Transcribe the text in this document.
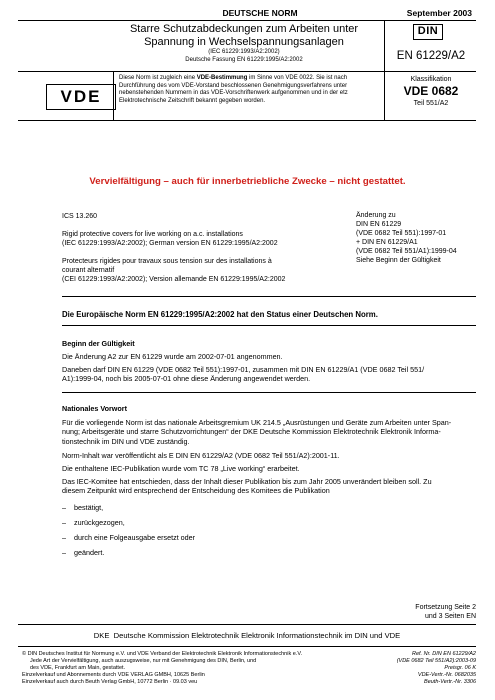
DEUTSCHE NORM	September 2003
Starre Schutzabdeckungen zum Arbeiten unter
Spannung in Wechselspannungsanlagen
(IEC 61229:1993/A2:2002)
Deutsche Fassung EN 61229:1995/A2:2002
DIN
EN 61229/A2
VDE
Diese Norm ist zugleich eine VDE-Bestimmung im Sinne von VDE 0022. Sie ist nach Durchführung des vom VDE-Vorstand beschlossenen Genehmigungsverfahrens unter nebenstehenden Nummern in das VDE-Vorschriftenwerk aufgenommen und in der etz Elektrotechnische Zeitschrift bekannt gegeben worden.
Klassifikation
VDE 0682
Teil 551/A2
Vervielfältigung – auch für innerbetriebliche Zwecke – nicht gestattet.
ICS 13.260
Rigid protective covers for live working on a.c. installations
(IEC 61229:1993/A2:2002); German version EN 61229:1995/A2:2002
Protecteurs rigides pour travaux sous tension sur des installations à
courant alternatif
(CEI 61229:1993/A2:2002); Version allemande EN 61229:1995/A2:2002
Änderung zu
DIN EN 61229
(VDE 0682 Teil 551):1997-01
+ DIN EN 61229/A1
(VDE 0682 Teil 551/A1):1999-04
Siehe Beginn der Gültigkeit
Die Europäische Norm EN 61229:1995/A2:2002 hat den Status einer Deutschen Norm.
Beginn der Gültigkeit
Die Änderung A2 zur EN 61229 wurde am 2002-07-01 angenommen.
Daneben darf DIN EN 61229 (VDE 0682 Teil 551):1997-01, zusammen mit DIN EN 61229/A1 (VDE 0682 Teil 551/
A1):1999-04, noch bis 2005-07-01 ohne diese Änderung angewendet werden.
Nationales Vorwort
Für die vorliegende Norm ist das nationale Arbeitsgremium UK 214.5 „Ausrüstungen und Geräte zum Arbeiten unter Span-
nung; Arbeitsgeräte und starre Schutzvorrichtungen“ der DKE Deutsche Kommission Elektrotechnik Elektronik Informa-
tionstechnik im DIN und VDE zuständig.
Norm-Inhalt war veröffentlicht als E DIN EN 61229/A2 (VDE 0682 Teil 551/A2):2001-11.
Die enthaltene IEC-Publikation wurde vom TC 78 „Live working“ erarbeitet.
Das IEC-Komitee hat entschieden, dass der Inhalt dieser Publikation bis zum Jahr 2005 unverändert bleiben soll. Zu
diesem Zeitpunkt wird entsprechend der Entscheidung des Komitees die Publikation
– bestätigt,
– zurückgezogen,
– durch eine Folgeausgabe ersetzt oder
– geändert.
Fortsetzung Seite 2
und 3 Seiten EN
DKE  Deutsche Kommission Elektrotechnik Elektronik Informationstechnik im DIN und VDE
© DIN Deutsches Institut für Normung e.V. und VDE Verband der Elektrotechnik Elektronik Informationstechnik e.V.
Jede Art der Vervielfältigung, auch auszugsweise, nur mit Genehmigung des DIN, Berlin, und
des VDE, Frankfurt am Main, gestattet.
Einzelverkauf und Abonnements durch VDE VERLAG GMBH, 10625 Berlin
Einzelverkauf auch durch Beuth Verlag GmbH, 10772 Berlin · 09.03 veu
Ref. Nr. DIN EN 61229/A2
(VDE 0682 Teil 551/A2):2003-09
Preisgr. 06 K
VDE-Vertr.-Nr. 0682035
Beuth-Vertr.-Nr. 3306
